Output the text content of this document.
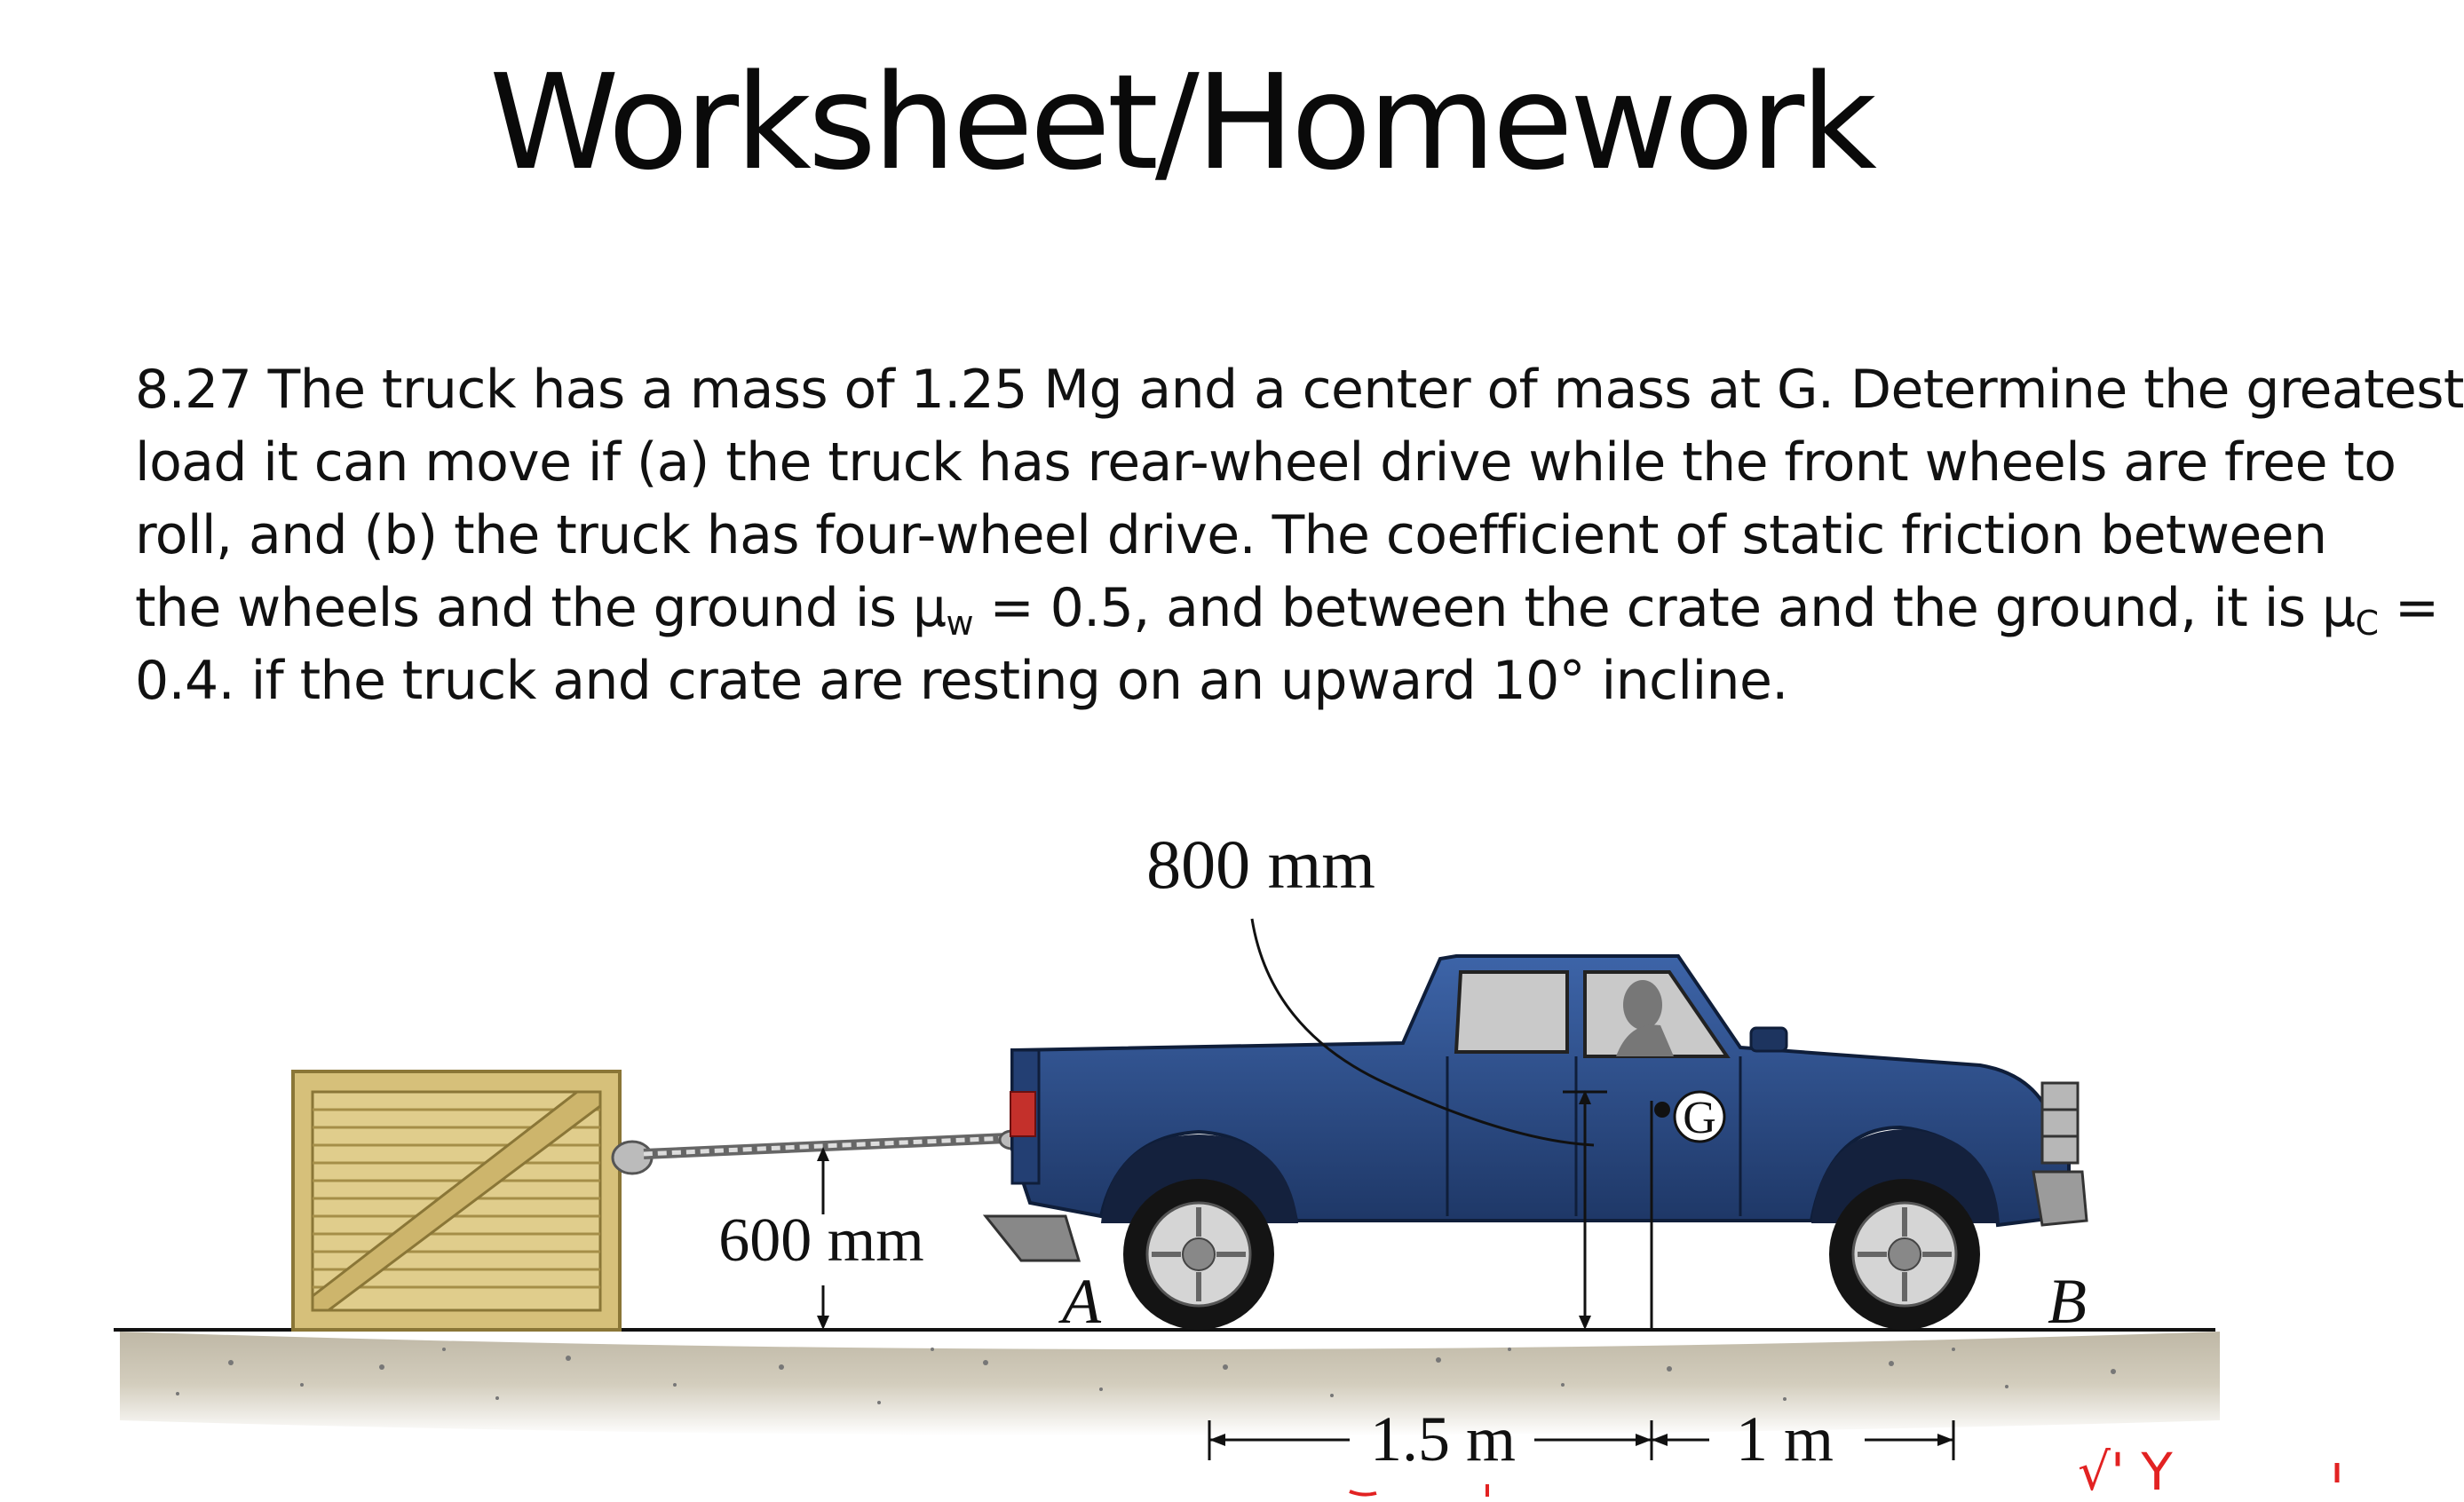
Worksheet/Homework
8.27 The truck has a mass of 1.25 Mg and a center of mass at G. Determine the greatest
load it can move if (a) the truck has rear-wheel drive while the front wheels are free to
roll, and (b) the truck has four-wheel drive. The coefficient of static friction between
the wheels and the ground is $\mu_w = 0.5$, and between the crate and the ground, it is $\mu_C$ =
0.4. if the truck and crate are resting on an upward 10° incline.
800 mm
600 mm
G
A	B
1.5 m	1 m	√' Y
